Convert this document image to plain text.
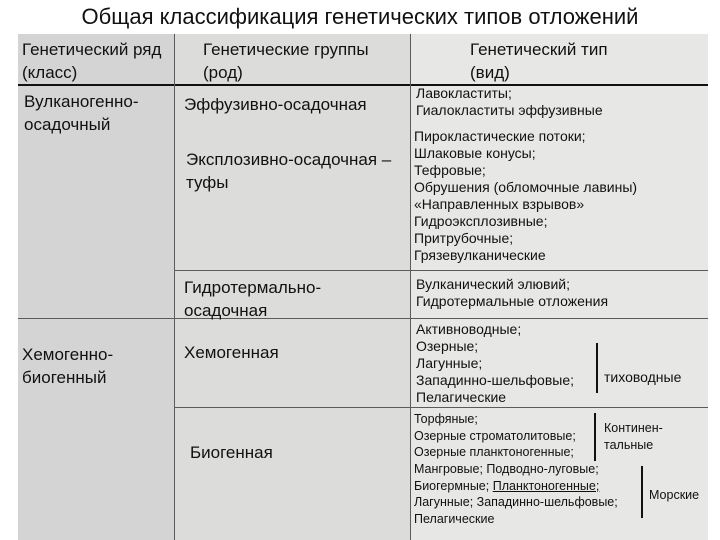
Общая классификация генетических типов отложений
Генетический ряд
(класс)
Генетические группы
(род)
Генетический тип
(вид)
Вулканогенно-
осадочный
Хемогенно-
биогенный
Эффузивно-осадочная
Эксплозивно-осадочная –
туфы
Гидротермально-
осадочная
Хемогенная
Биогенная
Лавокластиты;
Гиалокластиты эффузивные
Пирокластические потоки;
Шлаковые конусы;
Тефровые;
Обрушения (обломочные лавины)
«Направленных взрывов»
Гидроэксплозивные;
Притрубочные;
Грязевулканические
Вулканический элювий;
Гидротермальные отложения
Активноводные;
Озерные;
Лагунные;
Западинно-шельфовые;
Пелагические
тиховодные
Торфяные;
Озерные строматолитовые;
Озерные планктоногенные;
Континен-
тальные
Мангровые; Подводно-луговые;
Биогермные; Планктоногенные;
Лагунные; Западинно-шельфовые;
Пелагические
Морские
